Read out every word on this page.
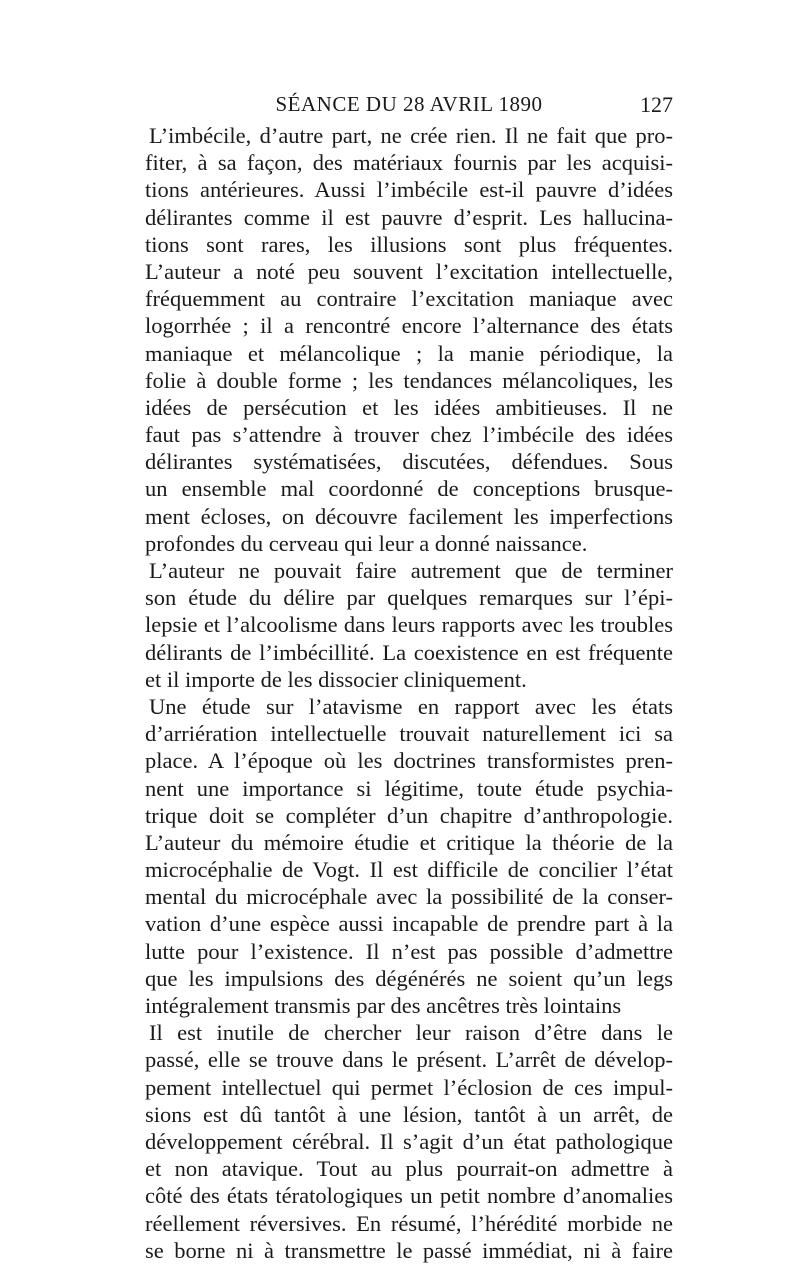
SÉANCE DU 28 AVRIL 1890	127
L’imbécile, d’autre part, ne crée rien. Il ne fait que pro-
fiter, à sa façon, des matériaux fournis par les acquisi-
tions antérieures. Aussi l’imbécile est-il pauvre d’idées
délirantes comme il est pauvre d’esprit. Les hallucina-
tions sont rares, les illusions sont plus fréquentes.
L’auteur a noté peu souvent l’excitation intellectuelle,
fréquemment au contraire l’excitation maniaque avec
logorrhée ; il a rencontré encore l’alternance des états
maniaque et mélancolique ; la manie périodique, la
folie à double forme ; les tendances mélancoliques, les
idées de persécution et les idées ambitieuses. Il ne
faut pas s’attendre à trouver chez l’imbécile des idées
délirantes systématisées, discutées, défendues. Sous
un ensemble mal coordonné de conceptions brusque-
ment écloses, on découvre facilement les imperfections
profondes du cerveau qui leur a donné naissance.
L’auteur ne pouvait faire autrement que de terminer
son étude du délire par quelques remarques sur l’épi-
lepsie et l’alcoolisme dans leurs rapports avec les troubles
délirants de l’imbécillité. La coexistence en est fréquente
et il importe de les dissocier cliniquement.
Une étude sur l’atavisme en rapport avec les états
d’arriération intellectuelle trouvait naturellement ici sa
place. A l’époque où les doctrines transformistes pren-
nent une importance si légitime, toute étude psychia-
trique doit se compléter d’un chapitre d’anthropologie.
L’auteur du mémoire étudie et critique la théorie de la
microcéphalie de Vogt. Il est difficile de concilier l’état
mental du microcéphale avec la possibilité de la conser-
vation d’une espèce aussi incapable de prendre part à la
lutte pour l’existence. Il n’est pas possible d’admettre
que les impulsions des dégénérés ne soient qu’un legs
intégralement transmis par des ancêtres très lointains
Il est inutile de chercher leur raison d’être dans le
passé, elle se trouve dans le présent. L’arrêt de dévelop-
pement intellectuel qui permet l’éclosion de ces impul-
sions est dû tantôt à une lésion, tantôt à un arrêt, de
développement cérébral. Il s’agit d’un état pathologique
et non atavique. Tout au plus pourrait-on admettre à
côté des états tératologiques un petit nombre d’anomalies
réellement réversives. En résumé, l’hérédité morbide ne
se borne ni à transmettre le passé immédiat, ni à faire
